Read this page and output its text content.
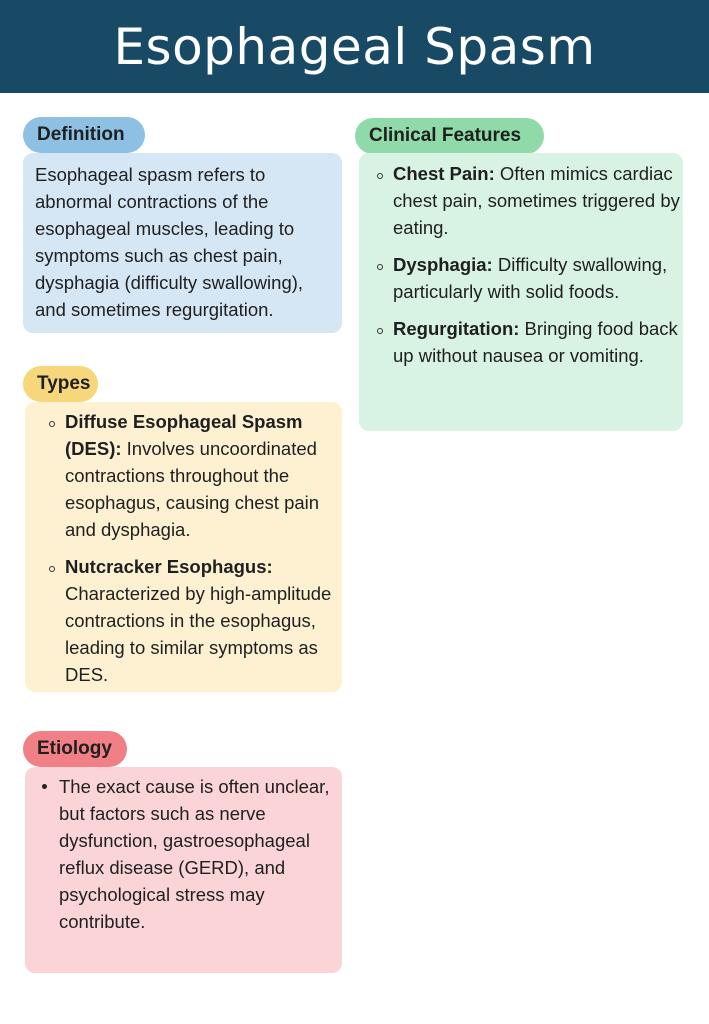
Esophageal Spasm
Definition

Esophageal spasm refers to abnormal contractions of the esophageal muscles, leading to symptoms such as chest pain, dysphagia (difficulty swallowing), and sometimes regurgitation.

Types
Diffuse Esophageal Spasm (DES): Involves uncoordinated contractions throughout the esophagus, causing chest pain and dysphagia.
Nutcracker Esophagus: Characterized by high-amplitude contractions in the esophagus, leading to similar symptoms as DES.
Etiology
The exact cause is often unclear, but factors such as nerve dysfunction, gastroesophageal reflux disease (GERD), and psychological stress may contribute.
Clinical Features
Chest Pain: Often mimics cardiac chest pain, sometimes triggered by eating.
Dysphagia: Difficulty swallowing, particularly with solid foods.
Regurgitation: Bringing food back up without nausea or vomiting.
